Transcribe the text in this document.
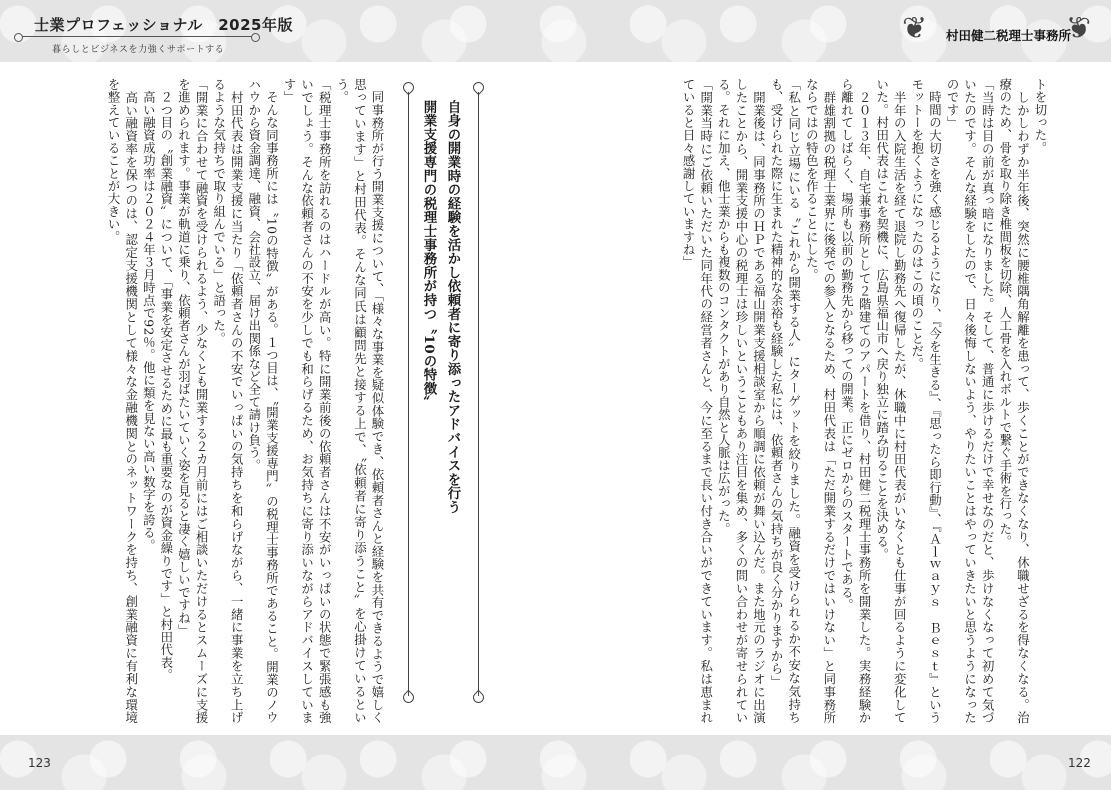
士業プロフェッショナル　2025年版
暮らしとビジネスを力強くサポートする
❦ 村田健二税理士事務所
❦
トを切った。
　しかしわずか半年後、突然に腰椎隅角解離を患って、歩くことができなくなり、休職せざるを得なくなる。治療のため、骨を取り除き椎間板を切除、人工骨を入れボルトで繋ぐ手術を行った。
「当時は目の前が真っ暗になりました。そして、普通に歩けるだけで幸せなのだと、歩けなくなって初めて気づいたのです。そんな経験をしたので、日々後悔しないよう、やりたいことはやっていきたいと思うようになったのです」
　時間の大切さを強く感じるようになり、『今を生きる』、『思ったら即行動』、『Ａｌｗａｙｓ　Ｂｅｓｔ』というモットーを抱くようになったのはこの頃のことだ。
　半年の入院生活を経て退院し勤務先へ復帰したが、休職中に村田代表がいなくとも仕事が回るように変化していた。村田代表はこれを契機に、広島県福山市へ戻り独立に踏み切ることを決める。
　２０１３年、自宅兼事務所として２階建てのアパートを借り、村田健二税理士事務所を開業した。実務経験から離れてしばらく、場所も以前の勤務先から移っての開業。正にゼロからのスタートである。
　群雄割拠の税理士業界に後発での参入となるため、村田代表は「ただ開業するだけではいけない」と同事務所ならではの特色を作ることにした。
「私と同じ立場にいる〝これから開業する人〟にターゲットを絞りました。融資を受けられるか不安な気持ちも、受けられた際に生まれた精神的な余裕も経験した私には、依頼者さんの気持ちが良く分かりますから」
　開業後は、同事務所のＨＰである福山開業支援相談室から順調に依頼が舞い込んだ。また地元のラジオに出演したことから、開業支援中心の税理士は珍しいということもあり注目を集め、多くの問い合わせが寄せられている。それに加え、他士業からも複数のコンタクトがあり自然と人脈は広がった。
「開業当時にご依頼いただいた同年代の経営者さんと、今に至るまで長い付き合いができています。私は恵まれていると日々感謝していますね」
自身の開業時の経験を活かし依頼者に寄り添ったアドバイスを行う
開業支援専門の税理士事務所が持つ〝10の特徴〟
　同事務所が行う開業支援について、「様々な事業を疑似体験でき、依頼者さんと経験を共有できるようで嬉しく思っています」と村田代表。そんな同氏は顧問先と接する上で、〝依頼者に寄り添うこと〟を心掛けているという。
「税理士事務所を訪れるのはハードルが高い。特に開業前後の依頼者さんは不安がいっぱいの状態で緊張感も強いでしょう。そんな依頼者さんの不安を少しでも和らげるため、お気持ちに寄り添いながらアドバイスしています」
　そんな同事務所には〝10の特徴〟がある。１つ目は、〝開業支援専門〟の税理士事務所であること。開業のノウハウから資金調達、融資、会社設立、届け出関係など全て請け負う。
　村田代表は開業支援に当たり「依頼者さんの不安でいっぱいの気持ちを和らげながら、一緒に事業を立ち上げるような気持ちで取り組んでいる」と語った。
「開業に合わせて融資を受けられるよう、少なくとも開業する２カ月前にはご相談いただけるとスムーズに支援を進められます。事業が軌道に乗り、依頼者さんが羽ばたいていく姿を見ると凄く嬉しいですね」
　２つ目の〝創業融資〟について、「事業を安定させるために最も重要なのが資金繰りです」と村田代表。
　高い融資成功率は２０２４年３月時点で92％。他に類を見ない高い数字を誇る。
　高い融資率を保つのは、認定支援機関として様々な金融機関とのネットワークを持ち、創業融資に有利な環境を整えていることが大きい。
123	122
